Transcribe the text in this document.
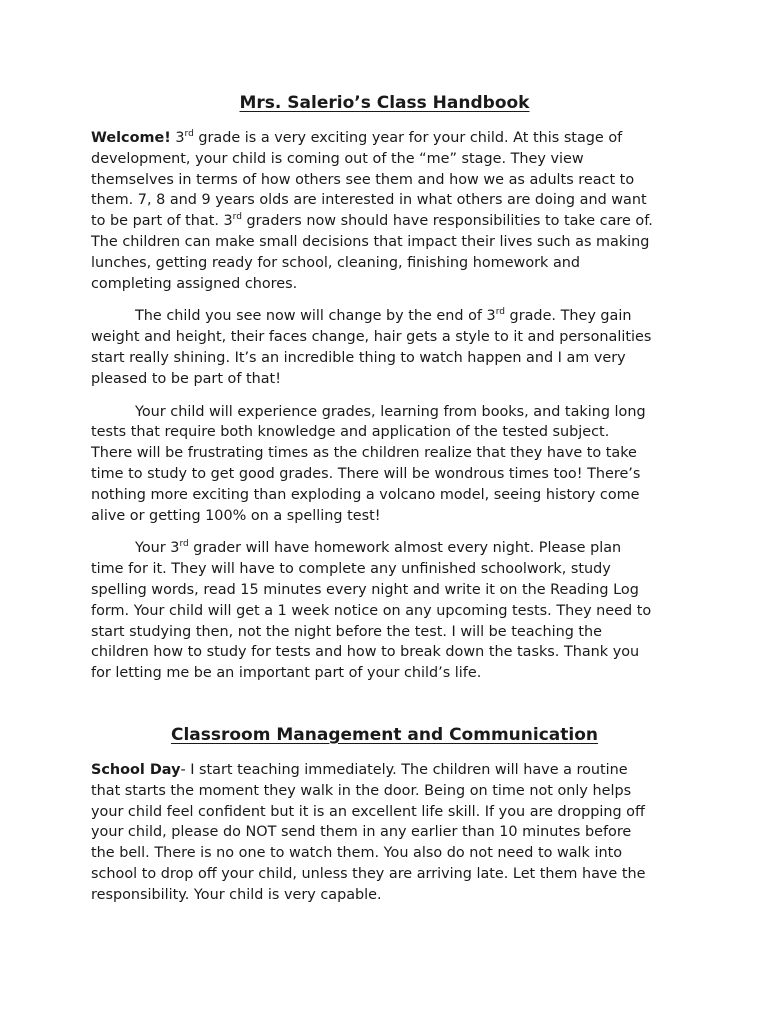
Mrs. Salerio’s Class Handbook

Welcome! 3rd grade is a very exciting year for your child. At this stage of
development, your child is coming out of the “me” stage. They view
themselves in terms of how others see them and how we as adults react to
them. 7, 8 and 9 years olds are interested in what others are doing and want
to be part of that. 3rd graders now should have responsibilities to take care of.
The children can make small decisions that impact their lives such as making
lunches, getting ready for school, cleaning, finishing homework and
completing assigned chores.

The child you see now will change by the end of 3rd grade. They gain
weight and height, their faces change, hair gets a style to it and personalities
start really shining. It’s an incredible thing to watch happen and I am very
pleased to be part of that!

Your child will experience grades, learning from books, and taking long
tests that require both knowledge and application of the tested subject.
There will be frustrating times as the children realize that they have to take
time to study to get good grades. There will be wondrous times too! There’s
nothing more exciting than exploding a volcano model, seeing history come
alive or getting 100% on a spelling test!

Your 3rd grader will have homework almost every night. Please plan
time for it. They will have to complete any unfinished schoolwork, study
spelling words, read 15 minutes every night and write it on the Reading Log
form. Your child will get a 1 week notice on any upcoming tests. They need to
start studying then, not the night before the test. I will be teaching the
children how to study for tests and how to break down the tasks. Thank you
for letting me be an important part of your child’s life.

Classroom Management and Communication

School Day- I start teaching immediately. The children will have a routine
that starts the moment they walk in the door. Being on time not only helps
your child feel confident but it is an excellent life skill. If you are dropping off
your child, please do NOT send them in any earlier than 10 minutes before
the bell. There is no one to watch them. You also do not need to walk into
school to drop off your child, unless they are arriving late. Let them have the
responsibility. Your child is very capable.
